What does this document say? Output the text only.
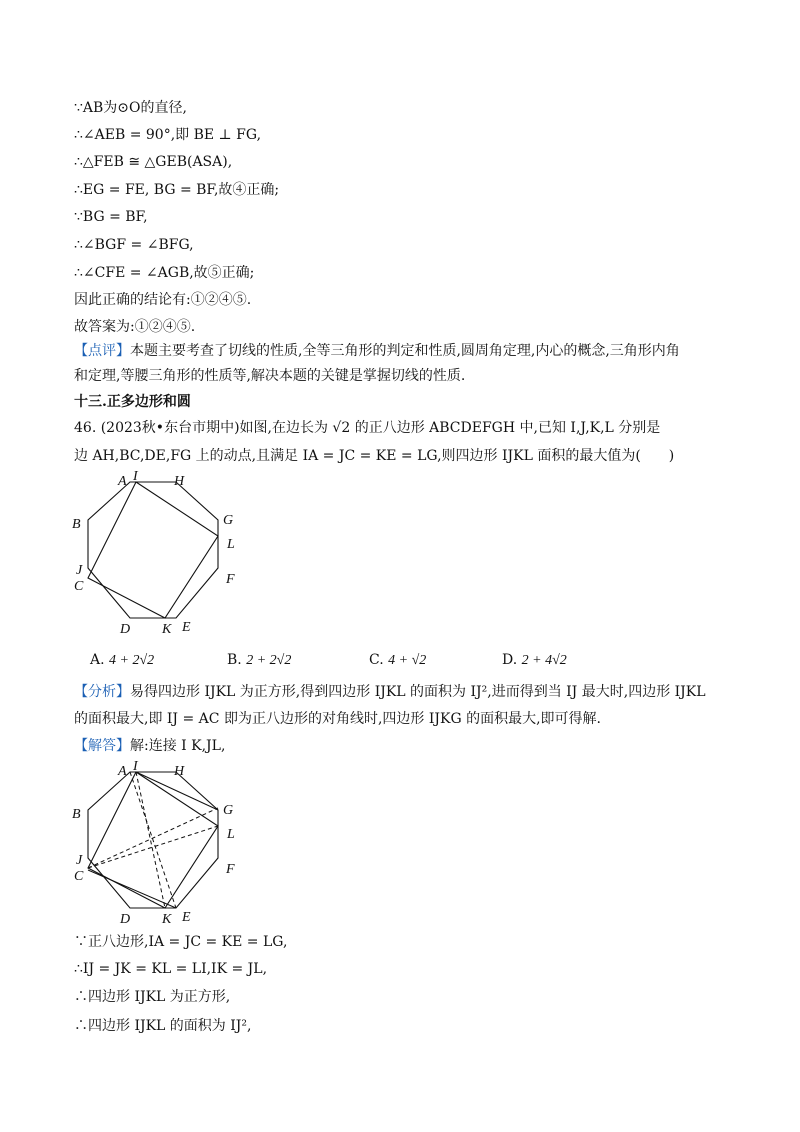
∵AB为⊙O的直径,
∴∠AEB = 90°,即 BE ⊥ FG,
∴△FEB ≅ △GEB(ASA),
∴EG = FE, BG = BF,故④正确;
∵BG = BF,
∴∠BGF = ∠BFG,
∴∠CFE = ∠AGB,故⑤正确;
因此正确的结论有:①②④⑤.
故答案为:①②④⑤.
【点评】本题主要考查了切线的性质,全等三角形的判定和性质,圆周角定理,内心的概念,三角形内角
和定理,等腰三角形的性质等,解决本题的关键是掌握切线的性质.
十三.正多边形和圆
46. (2023秋•东台市期中)如图,在边长为 √2 的正八边形 ABCDEFGH 中,已知 I,J,K,L 分别是
边 AH,BC,DE,FG 上的动点,且满足 IA = JC = KE = LG,则四边形 IJKL 面积的最大值为(　　)
A I	H
B	G
L
J
C	F
D K E
A. 4 + 2√2	B. 2 + 2√2	C. 4 + √2	D. 2 + 4√2
【分析】易得四边形 IJKL 为正方形,得到四边形 IJKL 的面积为 IJ²,进而得到当 IJ 最大时,四边形 IJKL
的面积最大,即 IJ = AC 即为正八边形的对角线时,四边形 IJKG 的面积最大,即可得解.
【解答】解:连接 I K,JL,
A I	H
B	G
L
J
C	F
D K E
∵正八边形,IA = JC = KE = LG,
∴IJ = JK = KL = LI,IK = JL,
∴四边形 IJKL 为正方形,
∴四边形 IJKL 的面积为 IJ²,
